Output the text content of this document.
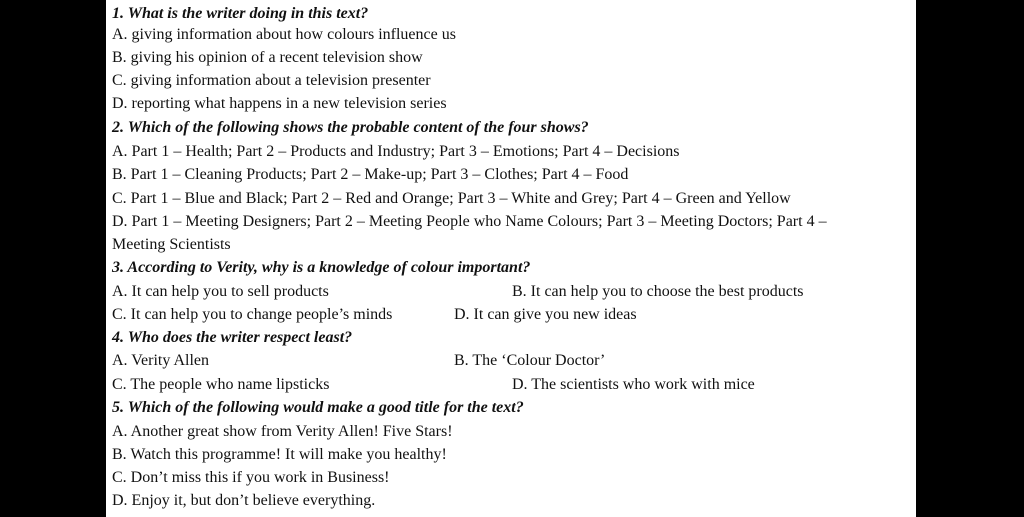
1. What is the writer doing in this text?
A. giving information about how colours influence us
B. giving his opinion of a recent television show
C. giving information about a television presenter
D. reporting what happens in a new television series
2. Which of the following shows the probable content of the four shows?
A. Part 1 – Health; Part 2 – Products and Industry; Part 3 – Emotions; Part 4 – Decisions
B. Part 1 – Cleaning Products; Part 2 – Make-up; Part 3 – Clothes; Part 4 – Food
C. Part 1 – Blue and Black; Part 2 – Red and Orange; Part 3 – White and Grey; Part 4 – Green and Yellow
D. Part 1 – Meeting Designers; Part 2 – Meeting People who Name Colours; Part 3 – Meeting Doctors; Part 4 –
Meeting Scientists
3. According to Verity, why is a knowledge of colour important?
A. It can help you to sell products	B. It can help you to choose the best products
C. It can help you to change people’s minds	D. It can give you new ideas
4. Who does the writer respect least?
A. Verity Allen	B. The ‘Colour Doctor’
C. The people who name lipsticks	D. The scientists who work with mice
5. Which of the following would make a good title for the text?
A. Another great show from Verity Allen! Five Stars!
B. Watch this programme! It will make you healthy!
C. Don’t miss this if you work in Business!
D. Enjoy it, but don’t believe everything.
